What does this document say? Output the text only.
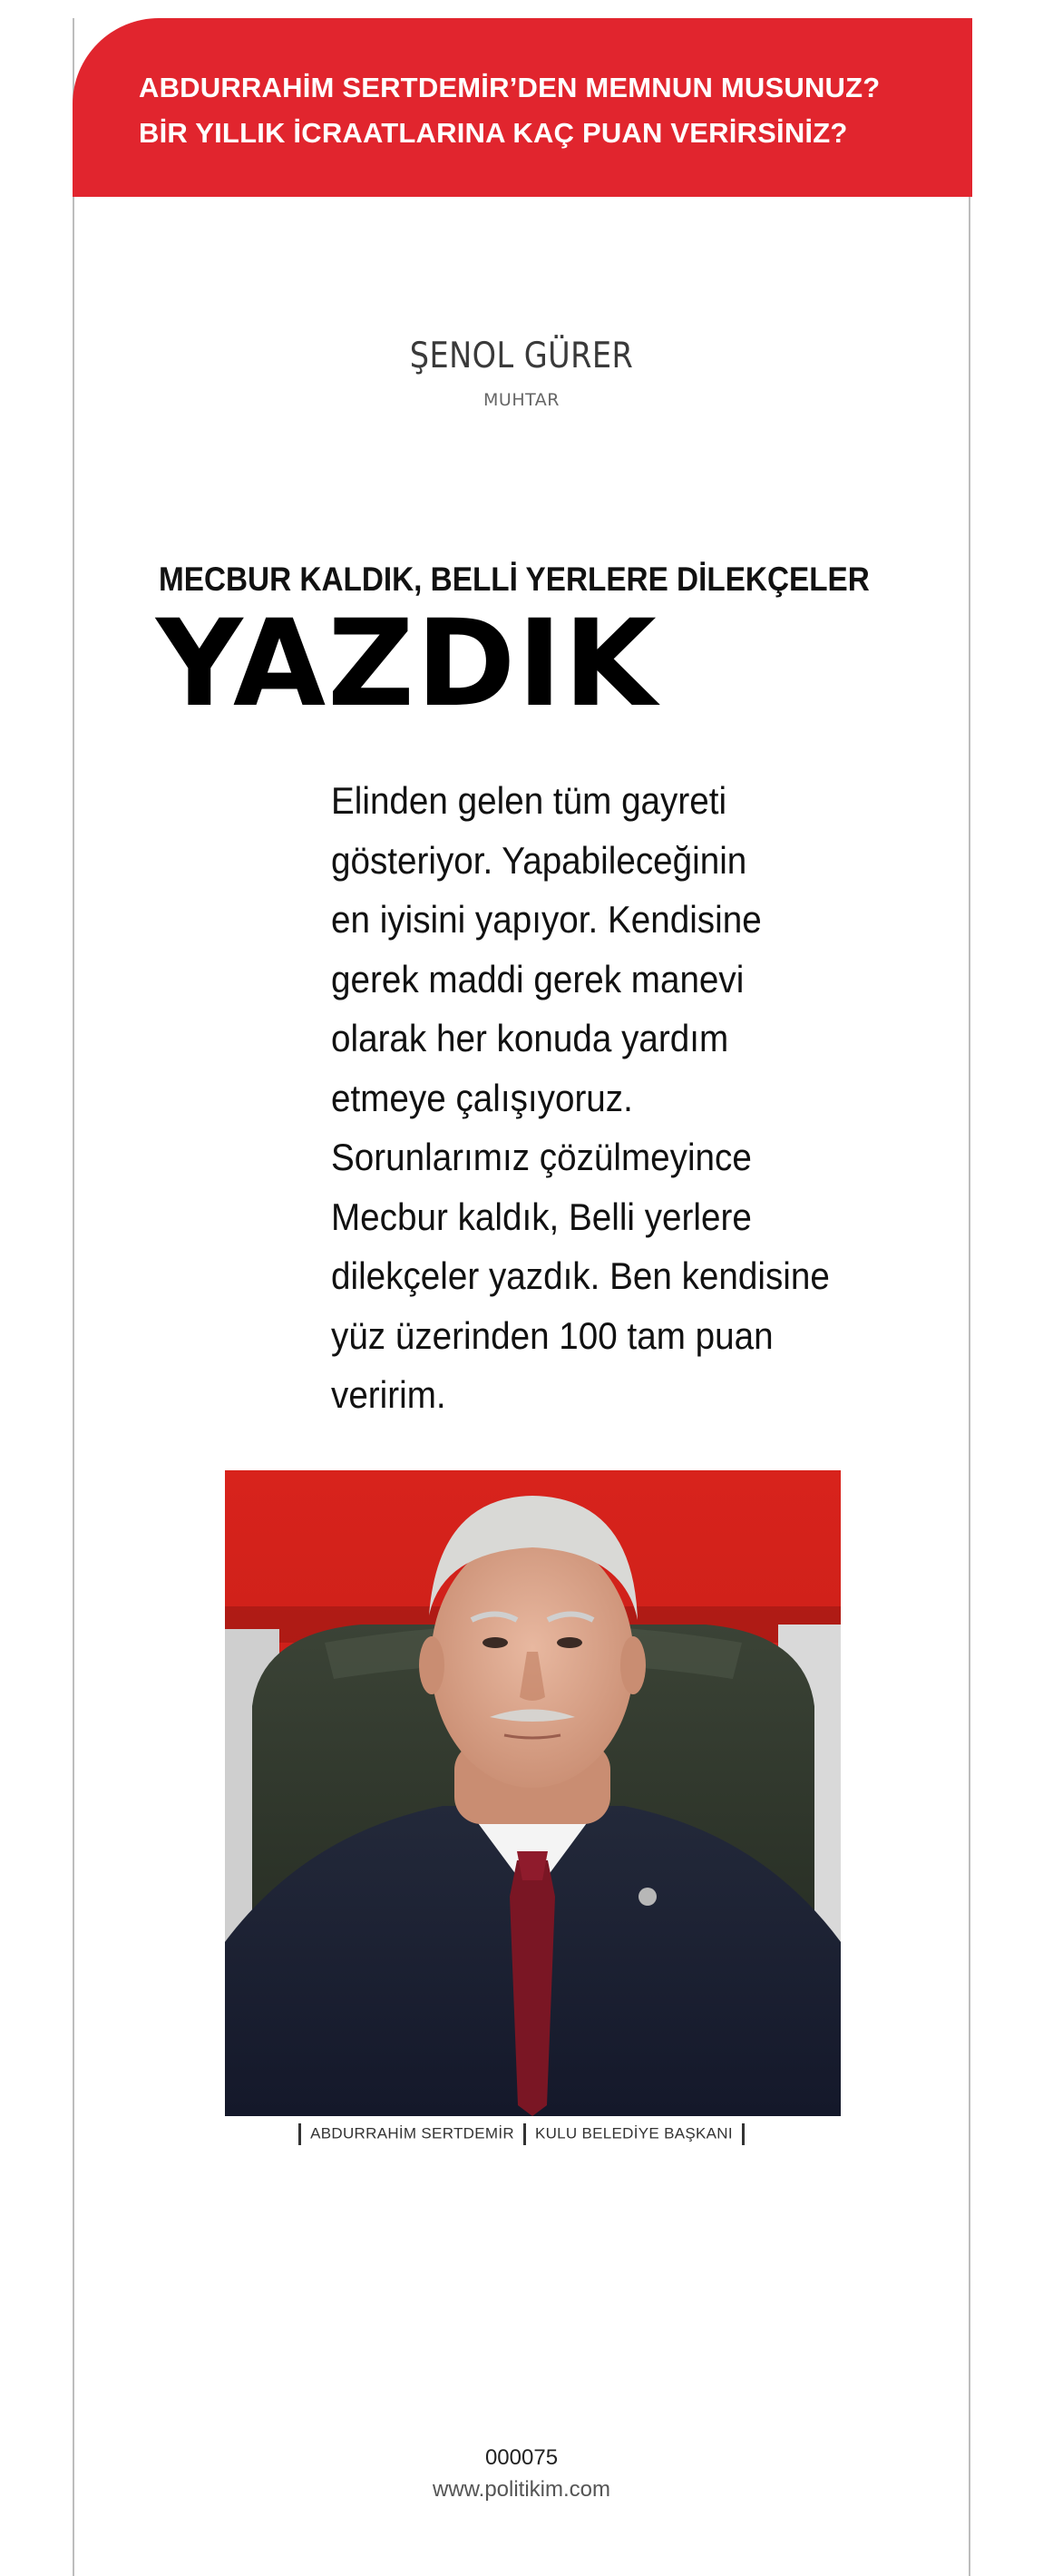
ABDURRAHİM SERTDEMİR’DEN MEMNUN MUSUNUZ?
BİR YILLIK İCRAATLARINA KAÇ PUAN VERİRSİNİZ?
ŞENOL GÜRER
MUHTAR
MECBUR KALDIK, BELLİ YERLERE DİLEKÇELER
YAZDIK
Elinden gelen tüm gayreti
gösteriyor. Yapabileceğinin
en iyisini yapıyor. Kendisine
gerek maddi gerek manevi
olarak her konuda yardım
etmeye çalışıyoruz.
Sorunlarımız çözülmeyince
Mecbur kaldık, Belli yerlere
dilekçeler yazdık. Ben kendisine
yüz üzerinden 100 tam puan
veririm.
ABDURRAHİM SERTDEMİR KULU BELEDİYE BAŞKANI
000075
www.politikim.com
